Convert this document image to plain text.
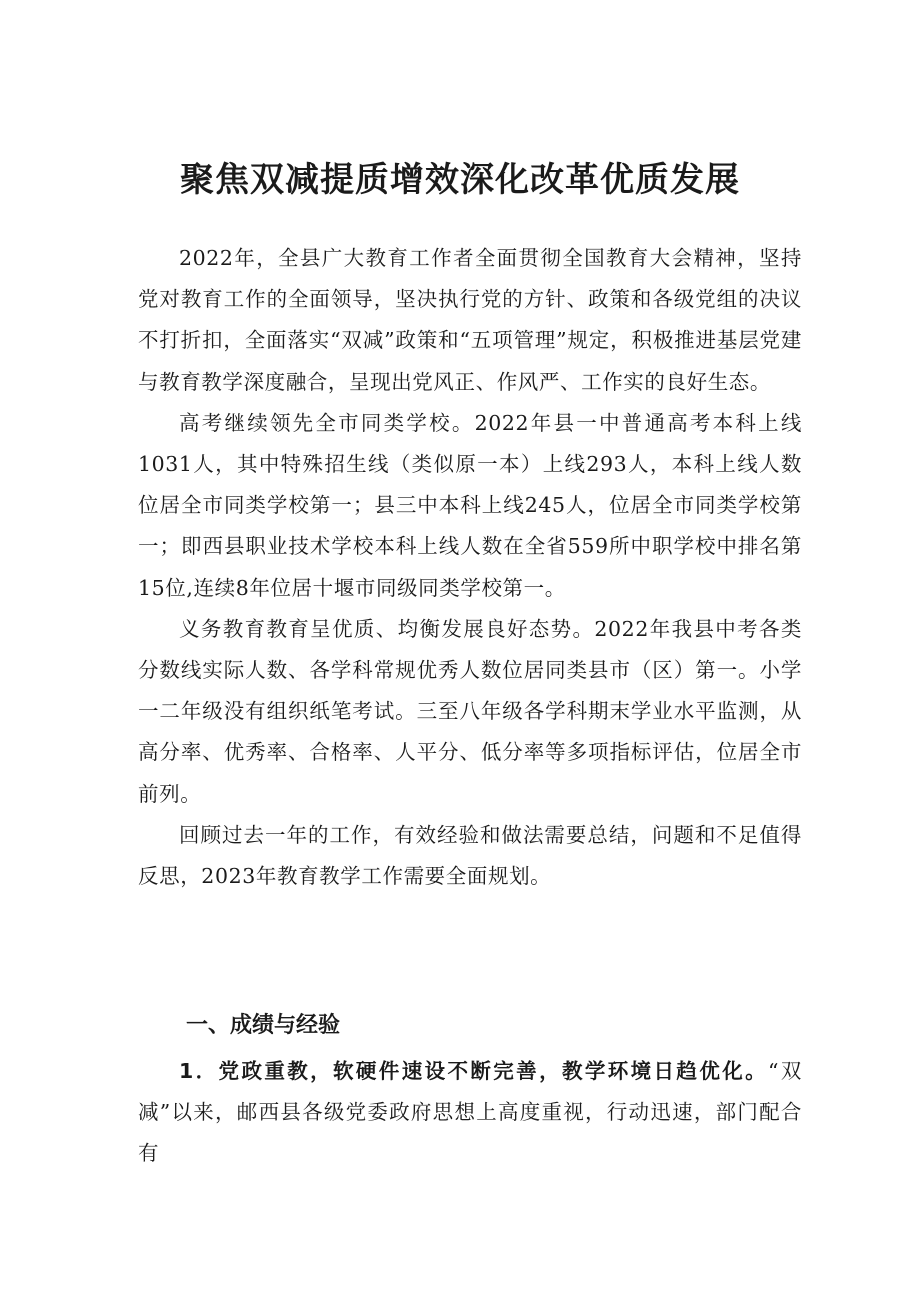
聚焦双减提质增效深化改革优质发展

2022年，全县广大教育工作者全面贯彻全国教育大会精神，坚持党对教育工作的全面领导，坚决执行党的方针、政策和各级党组的决议不打折扣，全面落实“双减”政策和“五项管理”规定，积极推进基层党建与教育教学深度融合，呈现出党风正、作风严、工作实的良好生态。

高考继续领先全市同类学校。2022年县一中普通高考本科上线1031人，其中特殊招生线（类似原一本）上线293人，本科上线人数位居全市同类学校第一；县三中本科上线245人，位居全市同类学校第一；即西县职业技术学校本科上线人数在全省559所中职学校中排名第15位,连续8年位居十堰市同级同类学校第一。

义务教育教育呈优质、均衡发展良好态势。2022年我县中考各类分数线实际人数、各学科常规优秀人数位居同类县市（区）第一。小学一二年级没有组织纸笔考试。三至八年级各学科期末学业水平监测，从高分率、优秀率、合格率、人平分、低分率等多项指标评估，位居全市前列。

回顾过去一年的工作，有效经验和做法需要总结，问题和不足值得反思，2023年教育教学工作需要全面规划。

一、成绩与经验

1．党政重教，软硬件速设不断完善，教学环境日趋优化。“双减”以来，邮西县各级党委政府思想上高度重视，行动迅速，部门配合有
